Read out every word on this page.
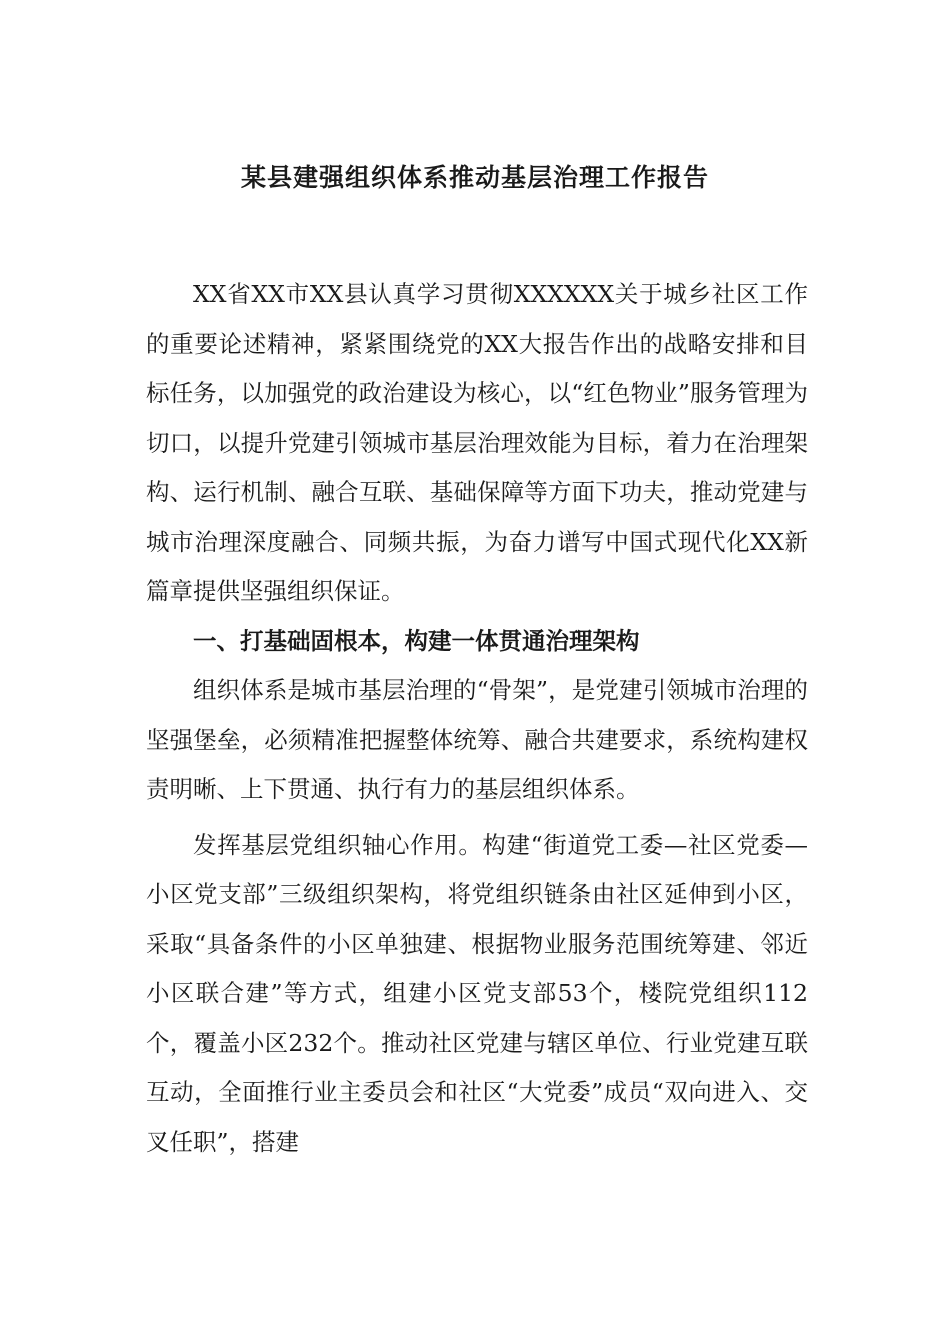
某县建强组织体系推动基层治理工作报告

XX省XX市XX县认真学习贯彻XXXXXX关于城乡社区工作的重要论述精神，紧紧围绕党的XX大报告作出的战略安排和目标任务，以加强党的政治建设为核心，以“红色物业”服务管理为切口，以提升党建引领城市基层治理效能为目标，着力在治理架构、运行机制、融合互联、基础保障等方面下功夫，推动党建与城市治理深度融合、同频共振，为奋力谱写中国式现代化XX新篇章提供坚强组织保证。

一、打基础固根本，构建一体贯通治理架构

组织体系是城市基层治理的“骨架”，是党建引领城市治理的坚强堡垒，必须精准把握整体统筹、融合共建要求，系统构建权责明晰、上下贯通、执行有力的基层组织体系。

发挥基层党组织轴心作用。构建“街道党工委—社区党委—小区党支部”三级组织架构，将党组织链条由社区延伸到小区，采取“具备条件的小区单独建、根据物业服务范围统筹建、邻近小区联合建”等方式，组建小区党支部53个，楼院党组织112个，覆盖小区232个。推动社区党建与辖区单位、行业党建互联互动，全面推行业主委员会和社区“大党委”成员“双向进入、交叉任职”，搭建
